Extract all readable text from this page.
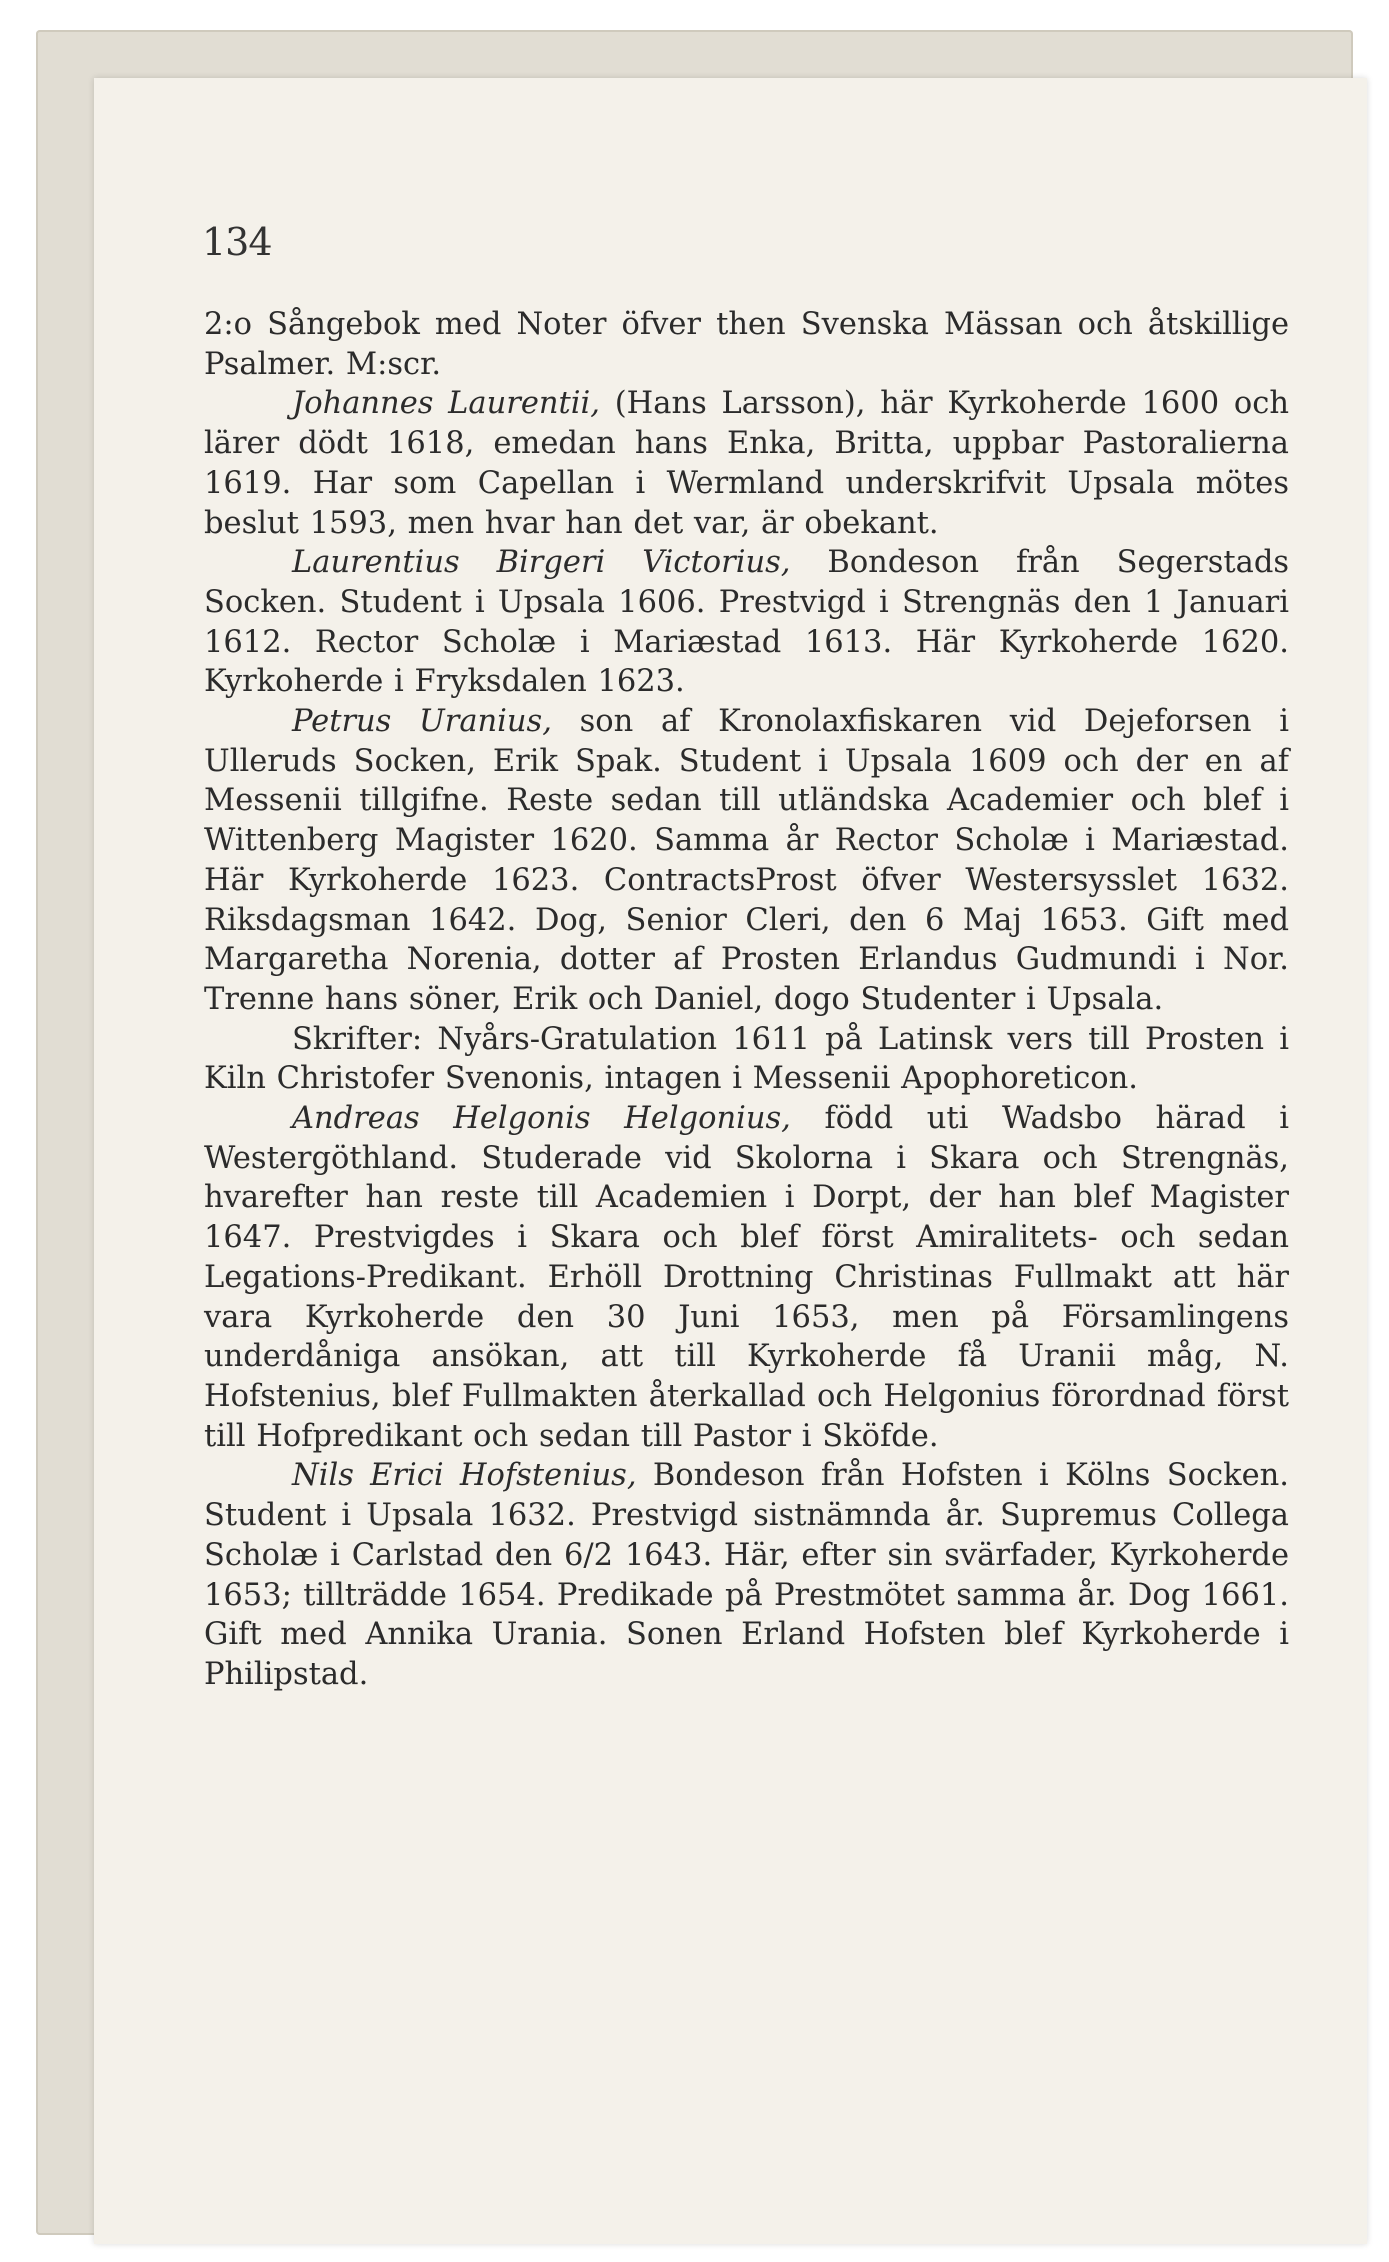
134

2:o Sångebok med Noter öfver then Svenska Mässan och åtskillige Psalmer. M:scr.

Johannes Laurentii, (Hans Larsson), här Kyrkoherde 1600 och lärer dödt 1618, emedan hans Enka, Britta, uppbar Pastoralierna 1619. Har som Capellan i Wermland underskrifvit Upsala mötes beslut 1593, men hvar han det var, är obekant.

Laurentius Birgeri Victorius, Bondeson från Segerstads Socken. Student i Upsala 1606. Prestvigd i Strengnäs den 1 Januari 1612. Rector Scholæ i Mariæstad 1613. Här Kyrkoherde 1620. Kyrkoherde i Fryksdalen 1623.

Petrus Uranius, son af Kronolaxfiskaren vid Dejeforsen i Ulleruds Socken, Erik Spak. Student i Upsala 1609 och der en af Messenii tillgifne. Reste sedan till utländska Academier och blef i Wittenberg Magister 1620. Samma år Rector Scholæ i Mariæstad. Här Kyrkoherde 1623. ContractsProst öfver Westersysslet 1632. Riksdagsman 1642. Dog, Senior Cleri, den 6 Maj 1653. Gift med Margaretha Norenia, dotter af Prosten Erlandus Gudmundi i Nor. Trenne hans söner, Erik och Daniel, dogo Studenter i Upsala.

Skrifter: Nyårs-Gratulation 1611 på Latinsk vers till Prosten i Kiln Christofer Svenonis, intagen i Messenii Apophoreticon.

Andreas Helgonis Helgonius, född uti Wadsbo härad i Westergöthland. Studerade vid Skolorna i Skara och Strengnäs, hvarefter han reste till Academien i Dorpt, der han blef Magister 1647. Prestvigdes i Skara och blef först Amiralitets- och sedan Legations-Predikant. Erhöll Drottning Christinas Fullmakt att här vara Kyrkoherde den 30 Juni 1653, men på Församlingens underdåniga ansökan, att till Kyrkoherde få Uranii måg, N. Hofstenius, blef Fullmakten återkallad och Helgonius förordnad först till Hofpredikant och sedan till Pastor i Sköfde.

Nils Erici Hofstenius, Bondeson från Hofsten i Kölns Socken. Student i Upsala 1632. Prestvigd sistnämnda år. Supremus Collega Scholæ i Carlstad den 6/2 1643. Här, efter sin svärfader, Kyrkoherde 1653; tillträdde 1654. Predikade på Prestmötet samma år. Dog 1661. Gift med Annika Urania. Sonen Erland Hofsten blef Kyrkoherde i Philipstad.
